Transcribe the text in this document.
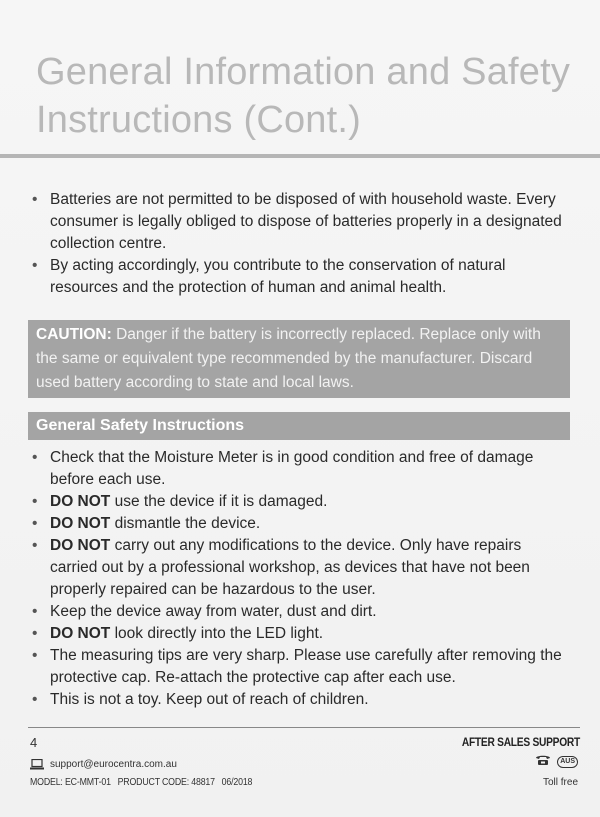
General Information and Safety
Instructions (Cont.)
• Batteries are not permitted to be disposed of with household waste. Every consumer is legally obliged to dispose of batteries properly in a designated collection centre.
• By acting accordingly, you contribute to the conservation of natural resources and the protection of human and animal health.
CAUTION: Danger if the battery is incorrectly replaced. Replace only with the same or equivalent type recommended by the manufacturer. Discard used battery according to state and local laws.
General Safety Instructions
• Check that the Moisture Meter is in good condition and free of damage before each use.
• DO NOT use the device if it is damaged.
• DO NOT dismantle the device.
• DO NOT carry out any modifications to the device. Only have repairs carried out by a professional workshop, as devices that have not been properly repaired can be hazardous to the user.
• Keep the device away from water, dust and dirt.
• DO NOT look directly into the LED light.
• The measuring tips are very sharp. Please use carefully after removing the protective cap. Re-attach the protective cap after each use.
• This is not a toy. Keep out of reach of children.
4	AFTER SALES SUPPORT
support@eurocentra.com.au	AUS
MODEL: EC-MMT-01 PRODUCT CODE: 48817 06/2018	Toll free
